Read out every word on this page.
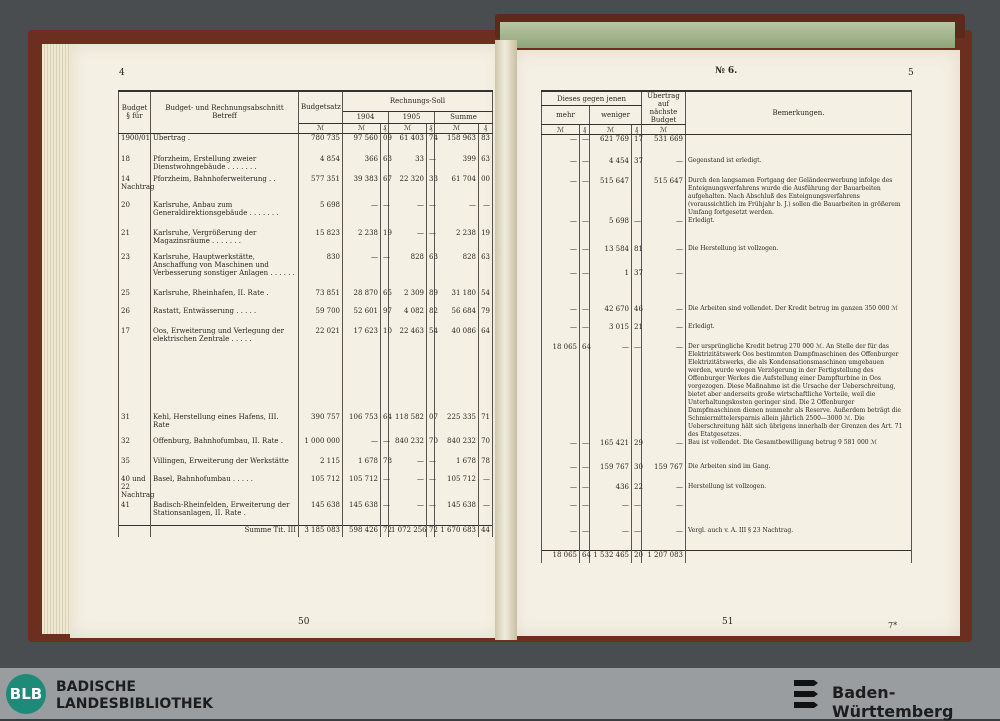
4
50
Budget § für	Budget- und Rechnungsabschnitt Betreff	Budgetsatz	Rechnungs-Soll					
			1904		1905		Summe	
		ℳ	ℳ	₰	ℳ	₰	ℳ	₰
1900/01	Übertrag .	780 735	97 560	09	61 403	74	158 963	83
18	Pforzheim, Erstellung zweier Dienstwohngebäude . . . . . . .	4 854	366	63	33	—	399	63
14 Nachtrag	Pforzheim, Bahnhoferweiterung . .	577 351	39 383	67	22 320	33	61 704	00
20	Karlsruhe, Anbau zum Generaldirektionsgebäude . . . . . . .	5 698	—	—	—	—	—	—
21	Karlsruhe, Vergrößerung der Magazinsräume . . . . . . .	15 823	2 238	19	—	—	2 238	19
23	Karlsruhe, Hauptwerkstätte, Anschaffung von Maschinen und Verbesserung sonstiger Anlagen . . . . . .	830	—	—	828	63	828	63
25	Karlsruhe, Rheinhafen, II. Rate .	73 851	28 870	65	2 309	89	31 180	54
26	Rastatt, Entwässerung . . . . .	59 700	52 601	97	4 082	82	56 684	79
17	Oos, Erweiterung und Verlegung der elektrischen Zentrale . . . . .	22 021	17 623	10	22 463	54	40 086	64
31	Kehl, Herstellung eines Hafens, III. Rate	390 757	106 753	64	118 582	07	225 335	71
32	Offenburg, Bahnhofumbau, II. Rate .	1 000 000	—	—	840 232	70	840 232	70
35	Villingen, Erweiterung der Werkstätte	2 115	1 678	78	—	—	1 678	78
40 und 22 Nachtrag	Basel, Bahnhofumbau . . . . .	105 712	105 712	—	—	—	105 712	—
41	Badisch-Rheinfelden, Erweiterung der Stationsanlagen, II. Rate .	145 638	145 638	—	—	—	145 638	—
	Summe Tit. III	3 185 083	598 426	72	1 072 256	72	1 670 683	44
№ 6.	5
51	7*
Dieses gegen jenen				Übertrag auf nächste Budget	Bemerkungen.
mehr		weniger			
ℳ	₰	ℳ	₰	ℳ	
—	—	621 769	17	531 669	
—	—	4 454	37	—	Gegenstand ist erledigt.
—	—	515 647		515 647	Durch den langsamen Fortgang der Geländeerwerbung infolge des Enteignungsverfahrens wurde die Ausführung der Bauarbeiten aufgehalten. Nach Abschluß des Enteignungsverfahrens (voraussichtlich im Frühjahr b. J.) sollen die Bauarbeiten in größerem Umfang fortgesetzt werden.
—	—	5 698	—	—	Erledigt.
—	—	13 584	81	—	Die Herstellung ist vollzogen.
—	—	1	37	—	
—	—	42 670	46	—	Die Arbeiten sind vollendet. Der Kredit betrug im ganzen 350 000 ℳ
—	—	3 015	21	—	Erledigt.
18 065	64	—	—	—	Der ursprüngliche Kredit betrug 270 000 ℳ. An Stelle der für das Elektrizitätswerk Oos bestimmten Dampfmaschinen des Offenburger Elektrizitätswerks, die als Kondensationsmaschinen umgebauen werden, wurde wegen Verzögerung in der Fertigstellung des Offenburger Werkes die Aufstellung einer Dampfturbine in Oos vorgezogen. Diese Maßnahme ist die Ursache der Ueberschreitung, bietet aber anderseits große wirtschaftliche Vorteile, weil die Unterhaltungskosten geringer sind. Die 2 Offenburger Dampfmaschinen dienen nunmehr als Reserve. Außerdem beträgt die Schmiermittelersparnis allein jährlich 2500—3000 ℳ. Die Ueberschreitung hält sich übrigens innerhalb der Grenzen des Art. 71 des Etatgesetzes.
—	—	165 421	29	—	Bau ist vollendet. Die Gesamtbewilligung betrug 9 581 000 ℳ
—	—	159 767	30	159 767	Die Arbeiten sind im Gang.
—	—	436	22	—	Herstellung ist vollzogen.
—	—	—	—	—	
—	—	—	—	—	Vergl. auch v. A. III § 23 Nachtrag.
18 065	64	1 532 465	20	1 207 083	
BLB BADISCHE
LANDESBIBLIOTHEK
Baden-Württemberg
